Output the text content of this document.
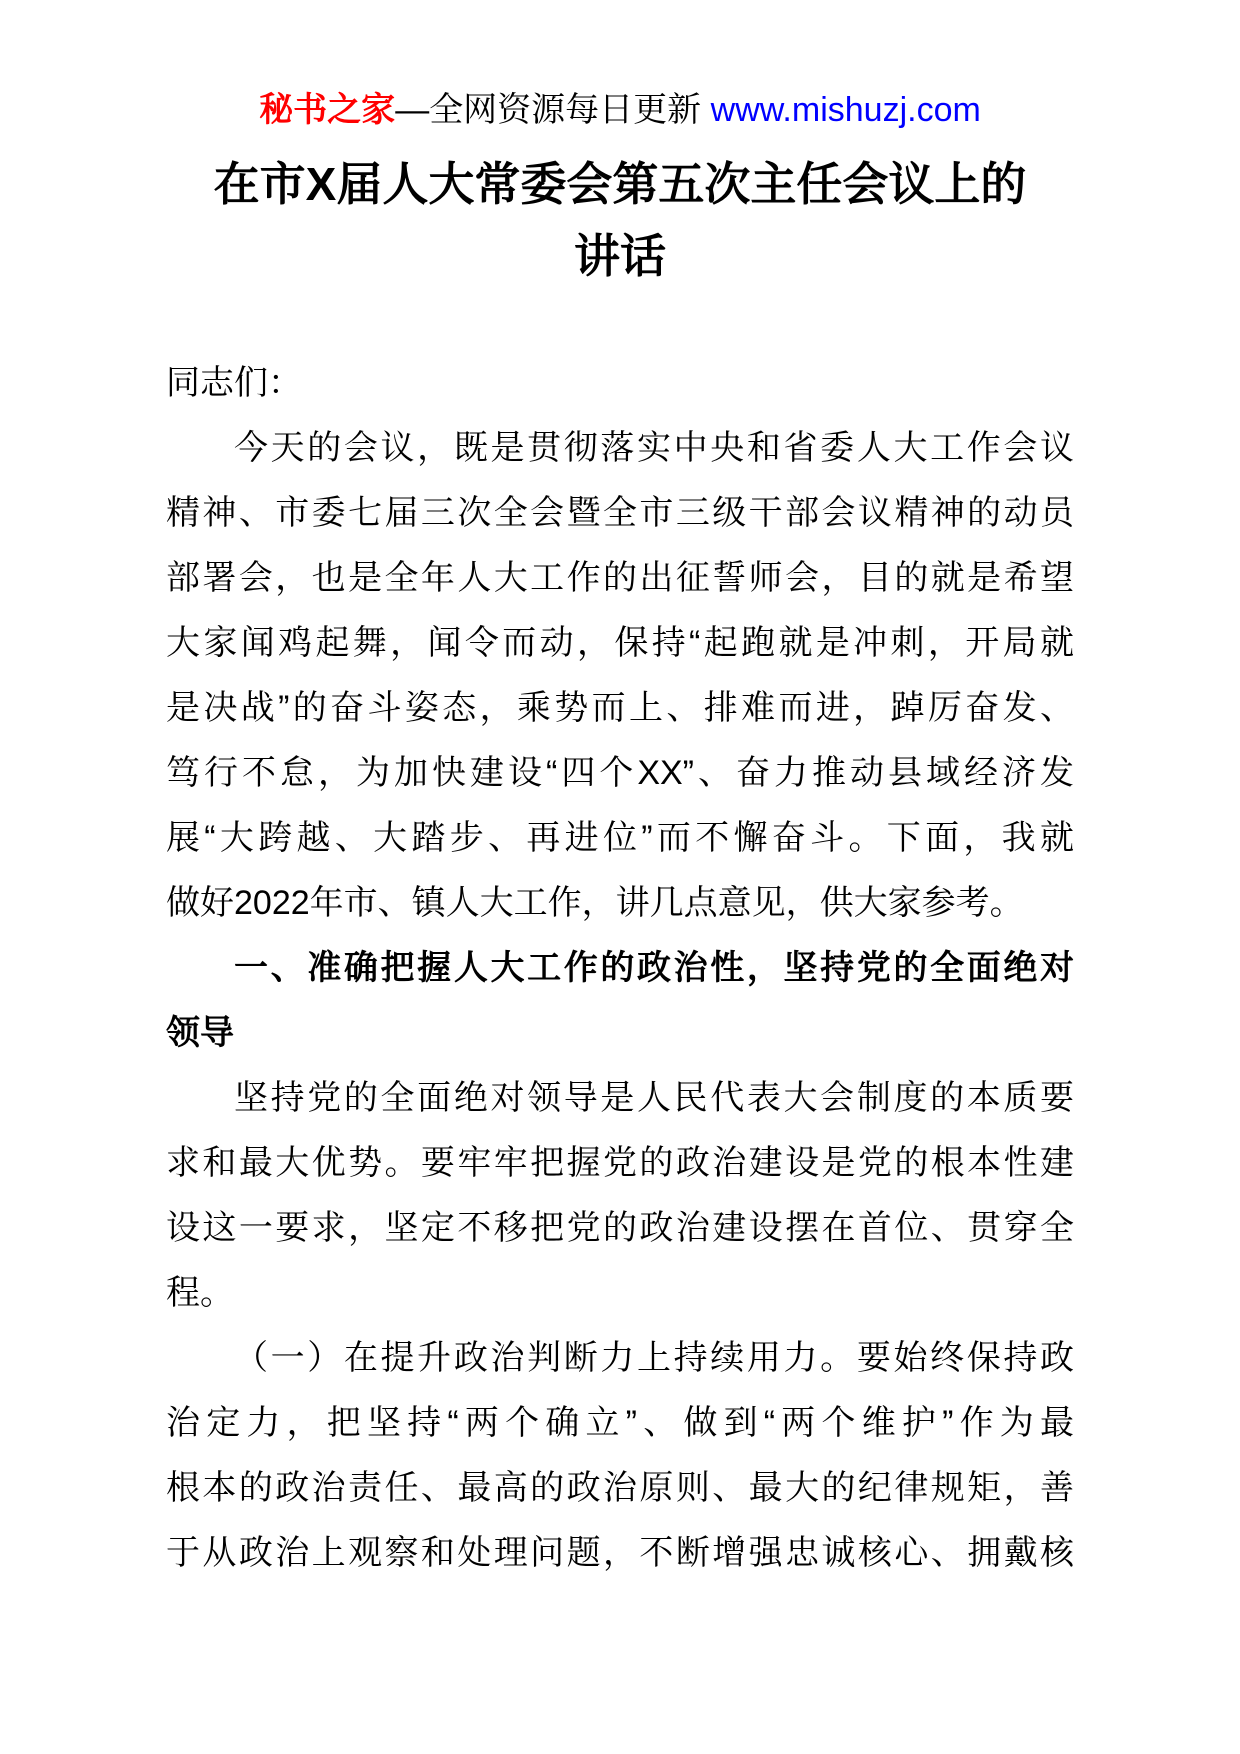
秘书之家—全网资源每日更新 www.mishuzj.com
在市X届人大常委会第五次主任会议上的
讲话
同志们：
今天的会议，既是贯彻落实中央和省委人大工作会议
精神、市委七届三次全会暨全市三级干部会议精神的动员
部署会，也是全年人大工作的出征誓师会，目的就是希望
大家闻鸡起舞，闻令而动，保持“起跑就是冲刺，开局就
是决战”的奋斗姿态，乘势而上、排难而进，踔厉奋发、
笃行不怠，为加快建设“四个XX”、奋力推动县域经济发
展“大跨越、大踏步、再进位”而不懈奋斗。下面，我就
做好2022年市、镇人大工作，讲几点意见，供大家参考。
一、准确把握人大工作的政治性，坚持党的全面绝对
领导
坚持党的全面绝对领导是人民代表大会制度的本质要
求和最大优势。要牢牢把握党的政治建设是党的根本性建
设这一要求，坚定不移把党的政治建设摆在首位、贯穿全
程。
（一）在提升政治判断力上持续用力。要始终保持政
治定力，把坚持“两个确立”、做到“两个维护”作为最
根本的政治责任、最高的政治原则、最大的纪律规矩，善
于从政治上观察和处理问题，不断增强忠诚核心、拥戴核
